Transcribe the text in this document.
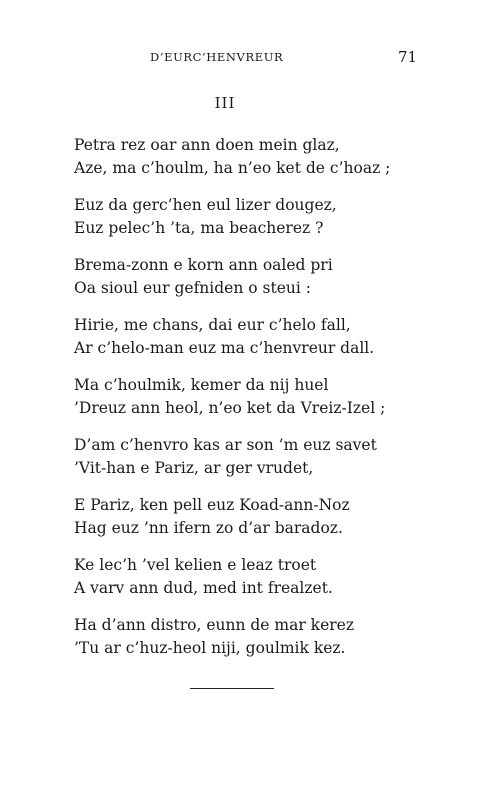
D’EURC’HENVREUR	71
III
Petra rez oar ann doen mein glaz,
Aze, ma c’houlm, ha n’eo ket de c’hoaz ;
Euz da gerc’hen eul lizer dougez,
Euz pelec’h ’ta, ma beacherez ?
Brema-zonn e korn ann oaled pri
Oa sioul eur gefniden o steui :
Hirie, me chans, dai eur c’helo fall,
Ar c’helo-man euz ma c’henvreur dall.
Ma c’houlmik, kemer da nij huel
’Dreuz ann heol, n’eo ket da Vreiz-Izel ;
D’am c’henvro kas ar son ’m euz savet
’Vit-han e Pariz, ar ger vrudet,
E Pariz, ken pell euz Koad-ann-Noz
Hag euz ’nn ifern zo d’ar baradoz.
Ke lec’h ’vel kelien e leaz troet
A varv ann dud, med int frealzet.
Ha d’ann distro, eunn de mar kerez
’Tu ar c’huz-heol niji, goulmik kez.
